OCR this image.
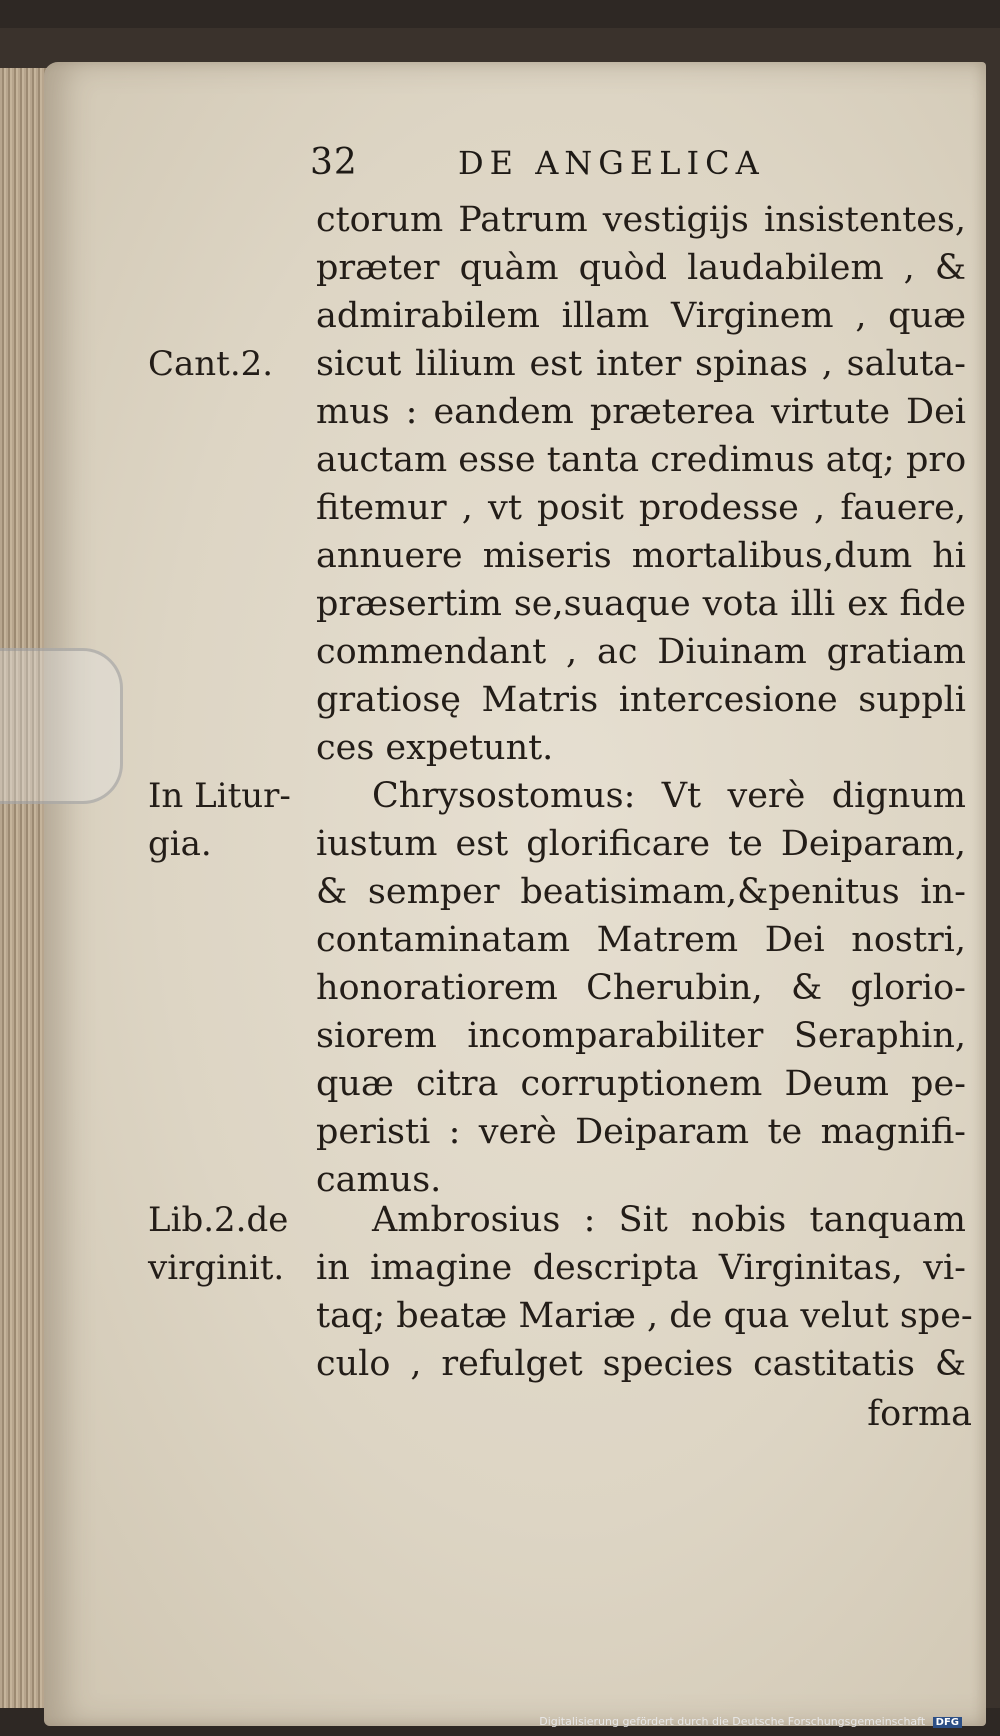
32	DE ANGELICA
Cant.2.
In Litur-
gia.
Lib.2.de
virginit.
ctorum Patrum vestigijs insistentes,
præter quàm quòd laudabilem , &
admirabilem illam Virginem , quæ
sicut lilium est inter spinas , saluta-
mus : eandem præterea virtute Dei
auctam esse tanta credimus atq; pro
fitemur , vt posit prodesse , fauere,
annuere miseris mortalibus,dum hi
præsertim se,suaque vota illi ex fide
commendant , ac Diuinam gratiam
gratiosę Matris intercesione suppli
ces expetunt.
Chrysostomus: Vt verè dignum
iustum est glorificare te Deiparam,
& semper beatisimam,&penitus in-
contaminatam Matrem Dei nostri,
honoratiorem Cherubin, & glorio-
siorem incomparabiliter Seraphin,
quæ citra corruptionem Deum pe-
peristi : verè Deiparam te magnifi-
camus.
Ambrosius : Sit nobis tanquam
in imagine descripta Virginitas, vi-
taq; beatæ Mariæ , de qua velut spe-
culo , refulget species castitatis &
forma
Digitalisierung gefördert durch die Deutsche Forschungsgemeinschaft DFG
